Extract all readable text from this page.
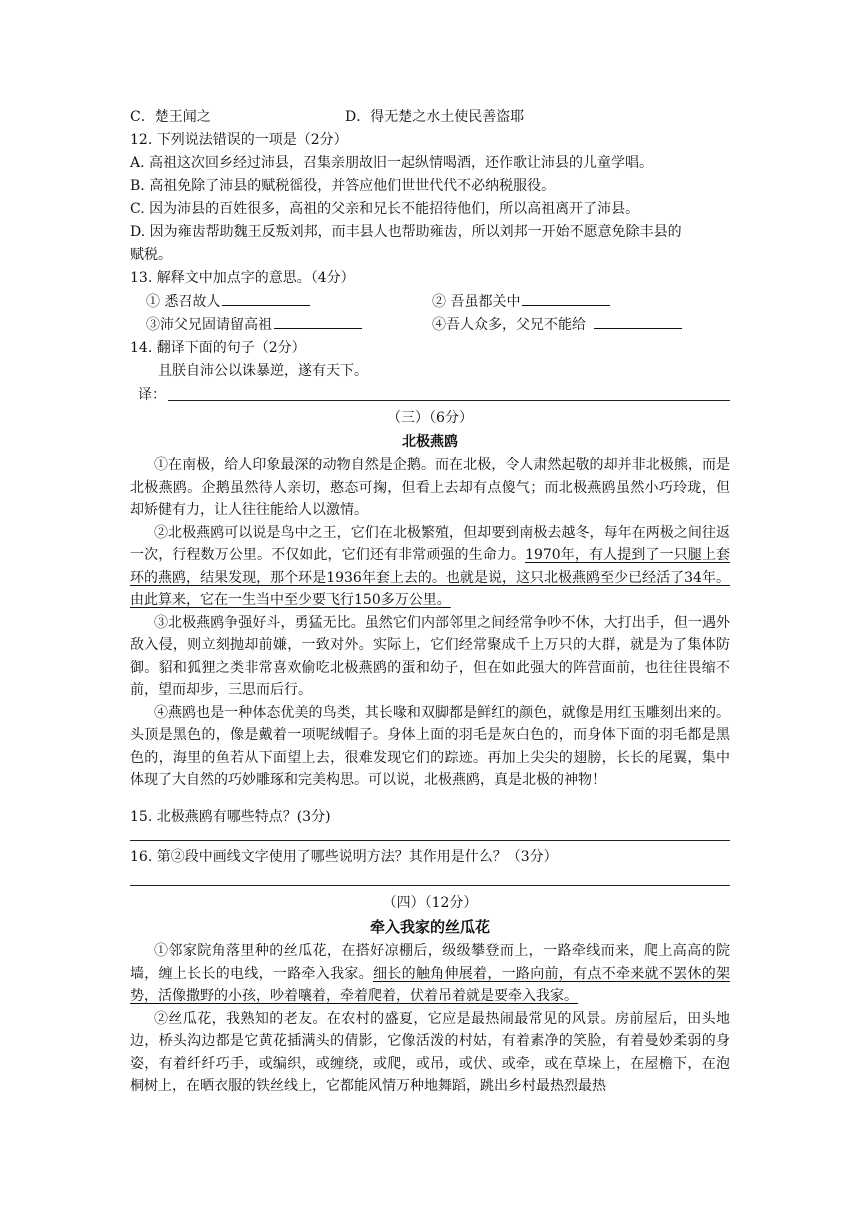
C．楚王闻之	D．得无楚之水土使民善盗耶
12. 下列说法错误的一项是（2分）
A. 高祖这次回乡经过沛县，召集亲朋故旧一起纵情喝酒，还作歌让沛县的儿童学唱。
B. 高祖免除了沛县的赋税徭役，并答应他们世世代代不必纳税服役。
C. 因为沛县的百姓很多，高祖的父亲和兄长不能招待他们，所以高祖离开了沛县。
D. 因为雍齿帮助魏王反叛刘邦，而丰县人也帮助雍齿，所以刘邦一开始不愿意免除丰县的
赋税。
13. 解释文中加点字的意思。（4分）
① 悉召故人	② 吾虽都关中
③沛父兄固请留高祖	④吾人众多，父兄不能给
14. 翻译下面的句子（2分）
且朕自沛公以诛暴逆，遂有天下。
译：
（三）（6分）
北极燕鸥

①在南极，给人印象最深的动物自然是企鹅。而在北极，令人肃然起敬的却并非北极熊，而是北极燕鸥。企鹅虽然待人亲切，憨态可掬，但看上去却有点傻气；而北极燕鸥虽然小巧玲珑，但却矫健有力，让人往往能给人以激情。

②北极燕鸥可以说是鸟中之王，它们在北极繁殖，但却要到南极去越冬，每年在两极之间往返一次，行程数万公里。不仅如此，它们还有非常顽强的生命力。1970年，有人提到了一只腿上套环的燕鸥，结果发现，那个环是1936年套上去的。也就是说，这只北极燕鸥至少已经活了34年。由此算来，它在一生当中至少要飞行150多万公里。

③北极燕鸥争强好斗，勇猛无比。虽然它们内部邻里之间经常争吵不休，大打出手，但一遇外敌入侵，则立刻抛却前嫌，一致对外。实际上，它们经常聚成千上万只的大群，就是为了集体防御。貂和狐狸之类非常喜欢偷吃北极燕鸥的蛋和幼子，但在如此强大的阵营面前，也往往畏缩不前，望而却步，三思而后行。

④燕鸥也是一种体态优美的鸟类，其长喙和双脚都是鲜红的颜色，就像是用红玉雕刻出来的。头顶是黑色的，像是戴着一项呢绒帽子。身体上面的羽毛是灰白色的，而身体下面的羽毛都是黑色的，海里的鱼若从下面望上去，很难发现它们的踪迹。再加上尖尖的翅膀，长长的尾翼，集中体现了大自然的巧妙雕琢和完美构思。可以说，北极燕鸥，真是北极的神物！

15. 北极燕鸥有哪些特点？(3分)
16. 第②段中画线文字使用了哪些说明方法？其作用是什么？（3分）
（四）（12分）
牵入我家的丝瓜花

①邻家院角落里种的丝瓜花，在搭好凉棚后，级级攀登而上，一路牵线而来，爬上高高的院墙，缠上长长的电线，一路牵入我家。细长的触角伸展着，一路向前，有点不牵来就不罢休的架势，活像撒野的小孩，吵着嚷着，牵着爬着，伏着吊着就是要牵入我家。

②丝瓜花，我熟知的老友。在农村的盛夏，它应是最热闹最常见的风景。房前屋后，田头地边，桥头沟边都是它黄花插满头的倩影，它像活泼的村姑，有着素净的笑脸，有着曼妙柔弱的身姿，有着纤纤巧手，或编织，或缠绕，或爬，或吊，或伏、或牵，或在草垛上，在屋檐下，在泡桐树上，在晒衣服的铁丝线上，它都能风情万种地舞蹈，跳出乡村最热烈最热
